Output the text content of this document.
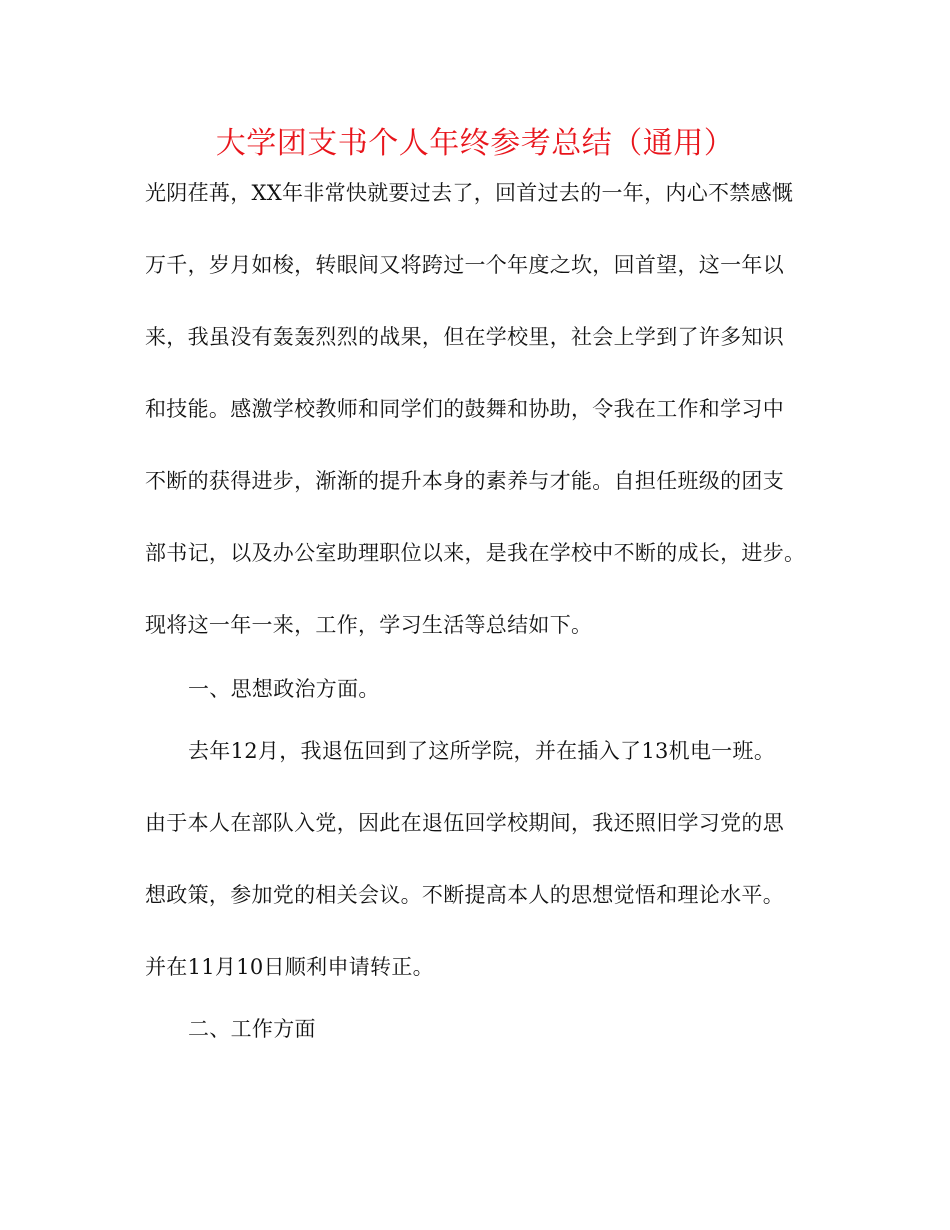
大学团支书个人年终参考总结（通用）
光阴荏苒，XX年非常快就要过去了，回首过去的一年，内心不禁感慨
万千，岁月如梭，转眼间又将跨过一个年度之坎，回首望，这一年以
来，我虽没有轰轰烈烈的战果，但在学校里，社会上学到了许多知识
和技能。感激学校教师和同学们的鼓舞和协助，令我在工作和学习中
不断的获得进步，渐渐的提升本身的素养与才能。自担任班级的团支
部书记，以及办公室助理职位以来，是我在学校中不断的成长，进步。
现将这一年一来，工作，学习生活等总结如下。
一、思想政治方面。
去年12月，我退伍回到了这所学院，并在插入了13机电一班。
由于本人在部队入党，因此在退伍回学校期间，我还照旧学习党的思
想政策，参加党的相关会议。不断提高本人的思想觉悟和理论水平。
并在11月10日顺利申请转正。
二、工作方面
